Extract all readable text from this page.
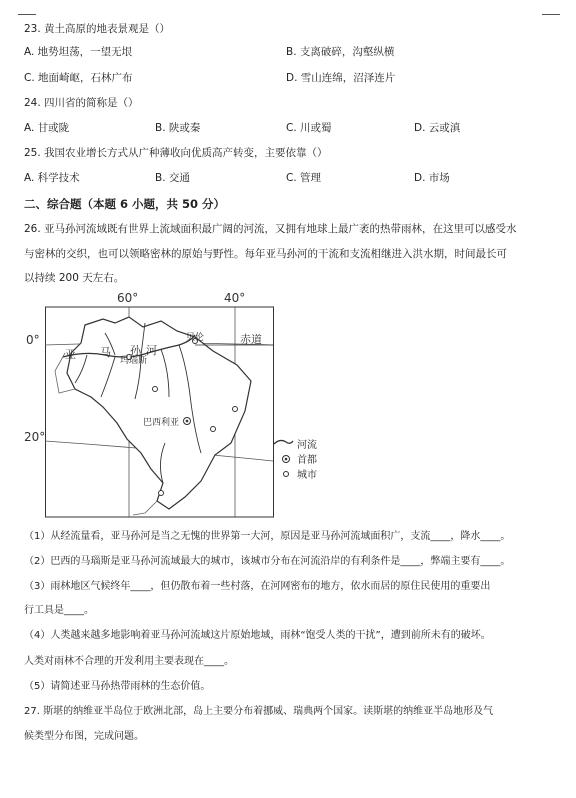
23. 黄土高原的地表景观是（）
A. 地势坦荡，一望无垠	B. 支离破碎，沟壑纵横
C. 地面崎岖，石林广布	D. 雪山连绵，沼泽连片
24. 四川省的简称是（）
A. 甘或陇	B. 陕或秦	C. 川或蜀	D. 云或滇
25. 我国农业增长方式从广种薄收向优质高产转变，主要依靠（）
A. 科学技术	B. 交通	C. 管理	D. 市场
二、综合题（本题 6 小题，共 50 分）
26. 亚马孙河流域既有世界上流域面积最广阔的河流，又拥有地球上最广袤的热带雨林，在这里可以感受水
与密林的交织，也可以领略密林的原始与野性。每年亚马孙河的干流和支流相继进入洪水期，时间最长可
以持续 200 天左右。
60°	40°
0°
20°
赤道
亚 马 孙 河
玛瑙斯
贝伦
巴西利亚
河流
首都
城市
（1）从经流量看，亚马孙河是当之无愧的世界第一大河，原因是亚马孙河流域面积广，支流____，降水____。
（2）巴西的马瑙斯是亚马孙河流域最大的城市，该城市分布在河流沿岸的有利条件是____，弊端主要有____。
（3）雨林地区气候终年____，但仍散布着一些村落，在河网密布的地方，依水而居的原住民使用的重要出
行工具是____。
（4）人类越来越多地影响着亚马孙河流域这片原始地域，雨林“饱受人类的干扰”，遭到前所未有的破坏。
人类对雨林不合理的开发利用主要表现在____。
（5）请简述亚马孙热带雨林的生态价值。
27. 斯堪的纳维亚半岛位于欧洲北部，岛上主要分布着挪威、瑞典两个国家。读斯堪的纳维亚半岛地形及气
候类型分布图，完成问题。
